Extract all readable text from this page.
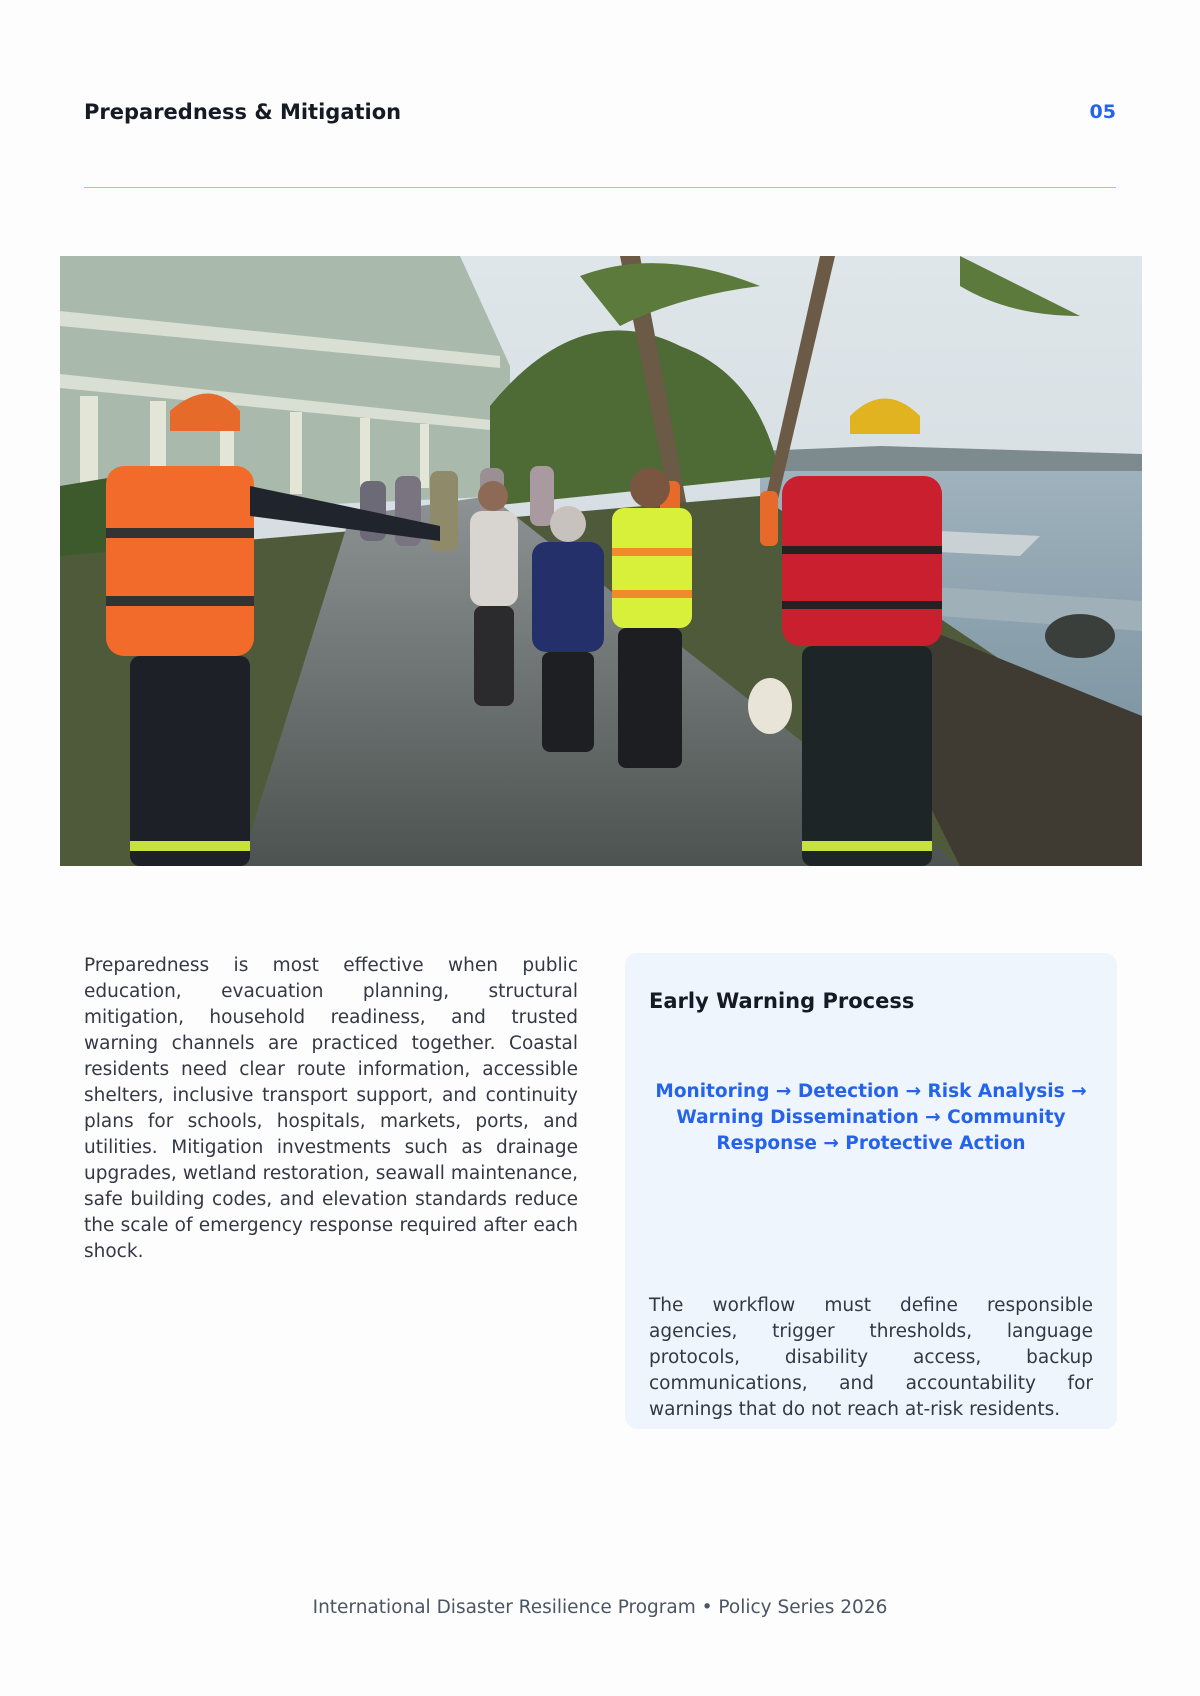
Preparedness & Mitigation	05

Preparedness is most effective when public education, evacuation planning, structural mitigation, household readiness, and trusted warning channels are practiced together. Coastal residents need clear route information, accessible shelters, inclusive transport support, and continuity plans for schools, hospitals, markets, ports, and utilities. Mitigation investments such as drainage upgrades, wetland restoration, seawall maintenance, safe building codes, and elevation standards reduce the scale of emergency response required after each shock.

Early Warning Process

Monitoring → Detection → Risk Analysis → Warning Dissemination → Community Response → Protective Action

The workflow must define responsible agencies, trigger thresholds, language protocols, disability access, backup communications, and accountability for warnings that do not reach at-risk residents.

International Disaster Resilience Program • Policy Series 2026
